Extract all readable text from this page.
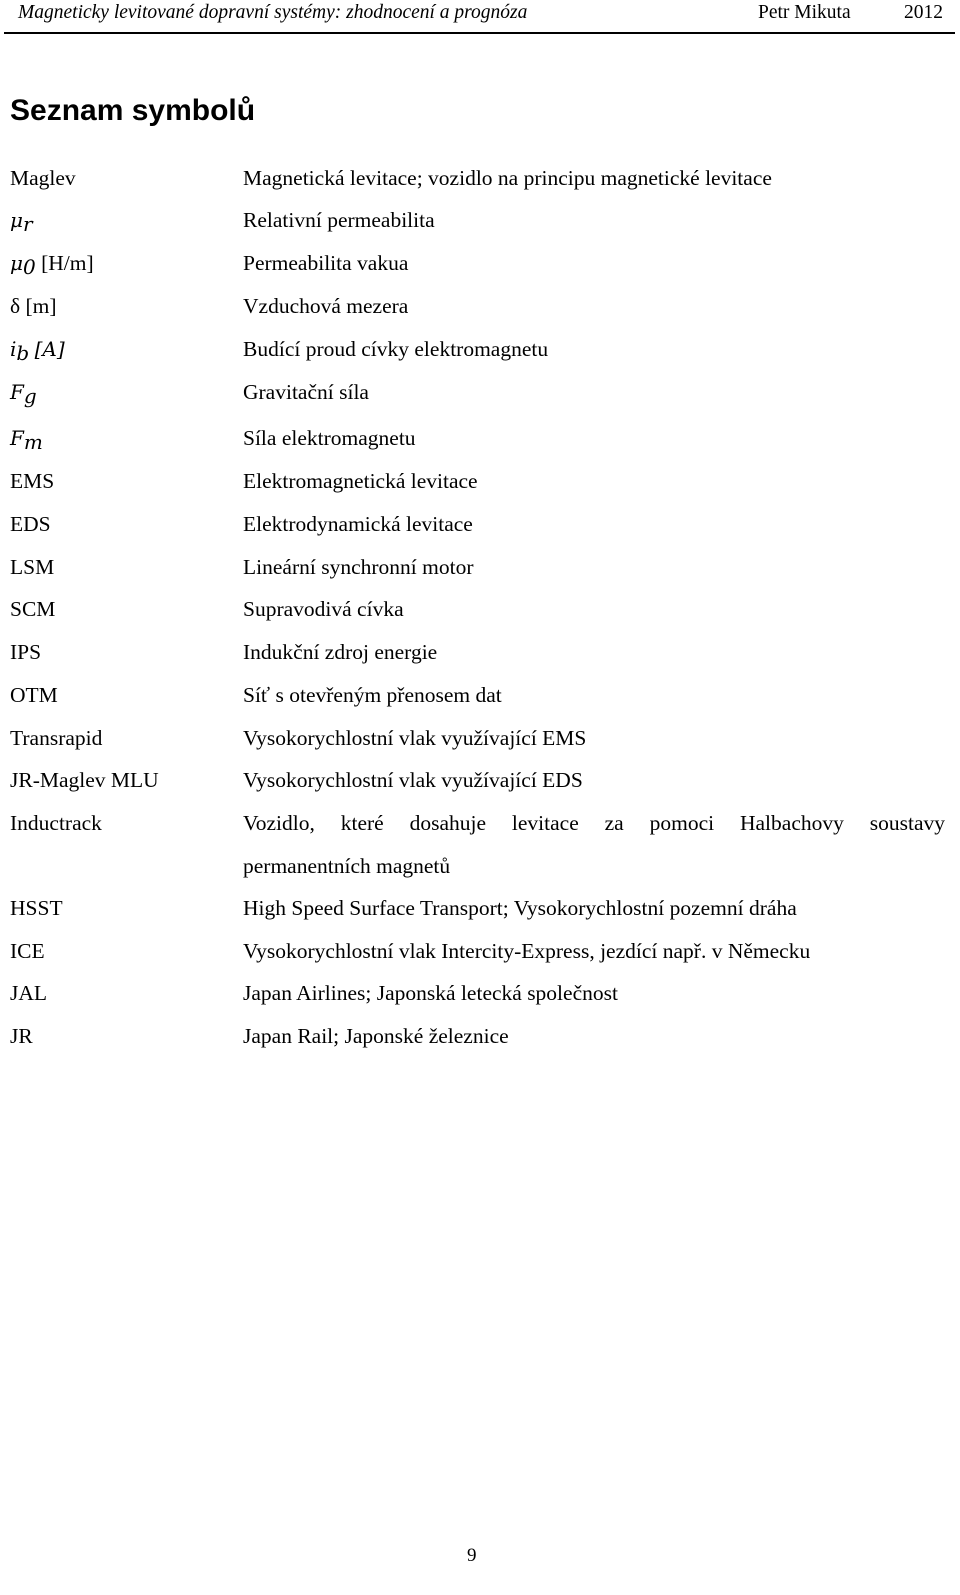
Magneticky levitované dopravní systémy: zhodnocení a prognóza	Petr Mikuta	2012
Seznam symbolů
Maglev	Magnetická levitace; vozidlo na principu magnetické levitace
$\mu_r$	Relativní permeabilita
$\mu_0$ [H/m]	Permeabilita vakua
δ [m]	Vzduchová mezera
$i_b$ [A]	Budící proud cívky elektromagnetu
$F_g$	Gravitační síla
$F_m$	Síla elektromagnetu
EMS	Elektromagnetická levitace
EDS	Elektrodynamická levitace
LSM	Lineární synchronní motor
SCM	Supravodivá cívka
IPS	Indukční zdroj energie
OTM	Síť s otevřeným přenosem dat
Transrapid	Vysokorychlostní vlak využívající EMS
JR-Maglev MLU	Vysokorychlostní vlak využívající EDS
Inductrack	Vozidlo, které dosahuje levitace za pomoci Halbachovy soustavy
permanentních magnetů
HSST	High Speed Surface Transport; Vysokorychlostní pozemní dráha
ICE	Vysokorychlostní vlak Intercity-Express, jezdící např. v Německu
JAL	Japan Airlines; Japonská letecká společnost
JR	Japan Rail; Japonské železnice
9
